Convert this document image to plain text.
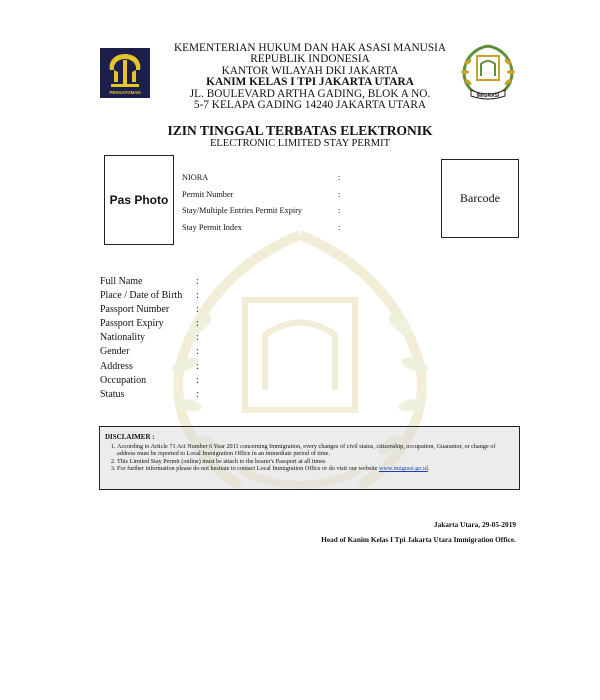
PENGAYOMAN
IMIGRASI
KEMENTERIAN HUKUM DAN HAK ASASI MANUSIA
REPUBLIK INDONESIA
KANTOR WILAYAH DKI JAKARTA
KANIM KELAS I TPI JAKARTA UTARA
JL. BOULEVARD ARTHA GADING, BLOK A NO.
5-7 KELAPA GADING 14240 JAKARTA UTARA
IZIN TINGGAL TERBATAS ELEKTRONIK
ELECTRONIC LIMITED STAY PERMIT
Pas Photo	Barcode
NIORA	:
Permit Number	:
Stay/Multiple Entries Permit Expiry	:
Stay Permit Index	:
Full Name	:
Place / Date of Birth :
Passport Number	:
Passport Expiry	:
Nationality	:
Gender	:
Address	:
Occupation	:
Status	:
DISCLAIMER :
1. According to Article 71 Act Number 6 Year 2011 concerning Immigration, every changes of civil status, citizenship, occupation, Guarantor, or change of address must be reported to Local Immigration Office in an immediate period of time.
2. This Limited Stay Permit (online) must be attach to the bearer's Passport at all times
3. For further information please do not hesitate to contact Local Immigration Office or do visit our website www.imigrasi.go.id.
Jakarta Utara, 29-05-2019
Head of Kanim Kelas I Tpi Jakarta Utara Immigration Office.
